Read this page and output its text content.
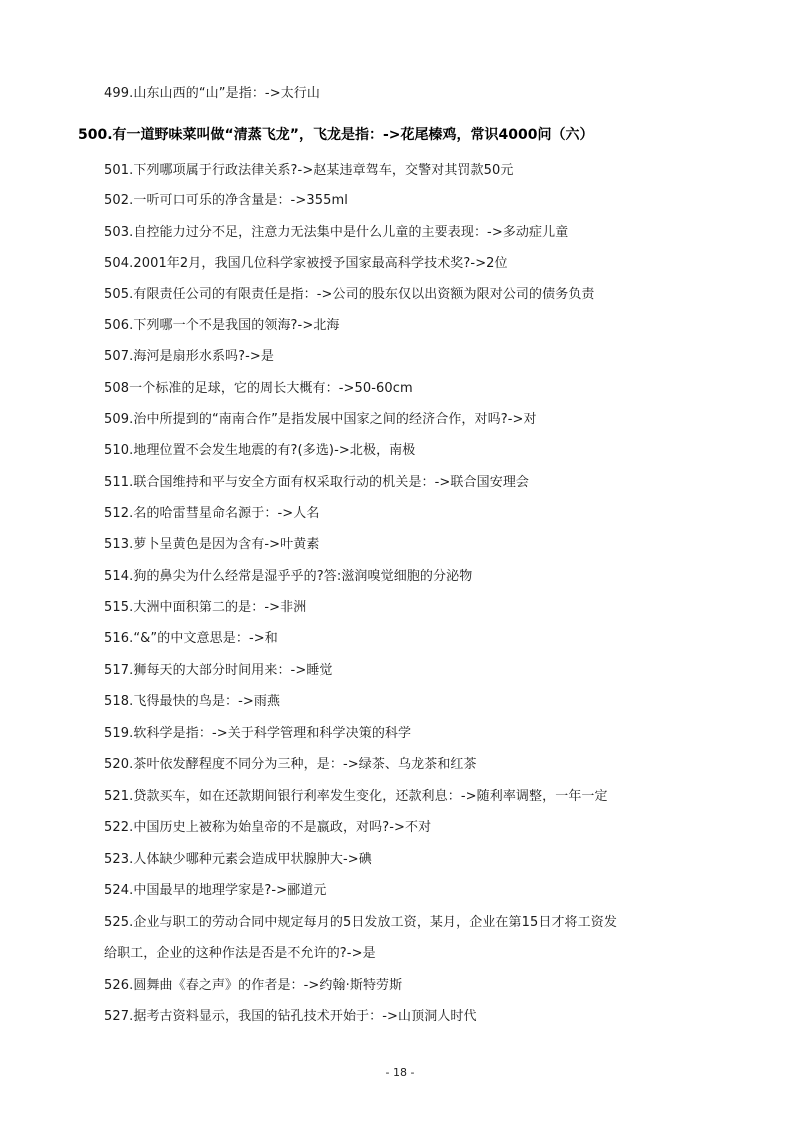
499.山东山西的“山”是指：->太行山
500.有一道野味菜叫做“清蒸飞龙”，飞龙是指：->花尾榛鸡，常识4000问（六）
501.下列哪项属于行政法律关系?->赵某违章驾车，交警对其罚款50元
502.一听可口可乐的净含量是：->355ml
503.自控能力过分不足，注意力无法集中是什么儿童的主要表现：->多动症儿童
504.2001年2月，我国几位科学家被授予国家最高科学技术奖?->2位
505.有限责任公司的有限责任是指：->公司的股东仅以出资额为限对公司的债务负责
506.下列哪一个不是我国的领海?->北海
507.海河是扇形水系吗?->是
508一个标准的足球，它的周长大概有：->50-60cm
509.治中所提到的“南南合作”是指发展中国家之间的经济合作，对吗?->对
510.地理位置不会发生地震的有?(多选)->北极，南极
511.联合国维持和平与安全方面有权采取行动的机关是：->联合国安理会
512.名的哈雷彗星命名源于：->人名
513.萝卜呈黄色是因为含有->叶黄素
514.狗的鼻尖为什么经常是湿乎乎的?答:滋润嗅觉细胞的分泌物
515.大洲中面积第二的是：->非洲
516.“&”的中文意思是：->和
517.狮每天的大部分时间用来：->睡觉
518.飞得最快的鸟是：->雨燕
519.软科学是指：->关于科学管理和科学决策的科学
520.茶叶依发酵程度不同分为三种，是：->绿茶、乌龙茶和红茶
521.贷款买车，如在还款期间银行利率发生变化，还款利息：->随利率调整，一年一定
522.中国历史上被称为始皇帝的不是嬴政，对吗?->不对
523.人体缺少哪种元素会造成甲状腺肿大->碘
524.中国最早的地理学家是?->郦道元
525.企业与职工的劳动合同中规定每月的5日发放工资，某月，企业在第15日才将工资发
给职工，企业的这种作法是否是不允许的?->是
526.圆舞曲《春之声》的作者是：->约翰·斯特劳斯
527.据考古资料显示，我国的钻孔技术开始于：->山顶洞人时代
- 18 -
